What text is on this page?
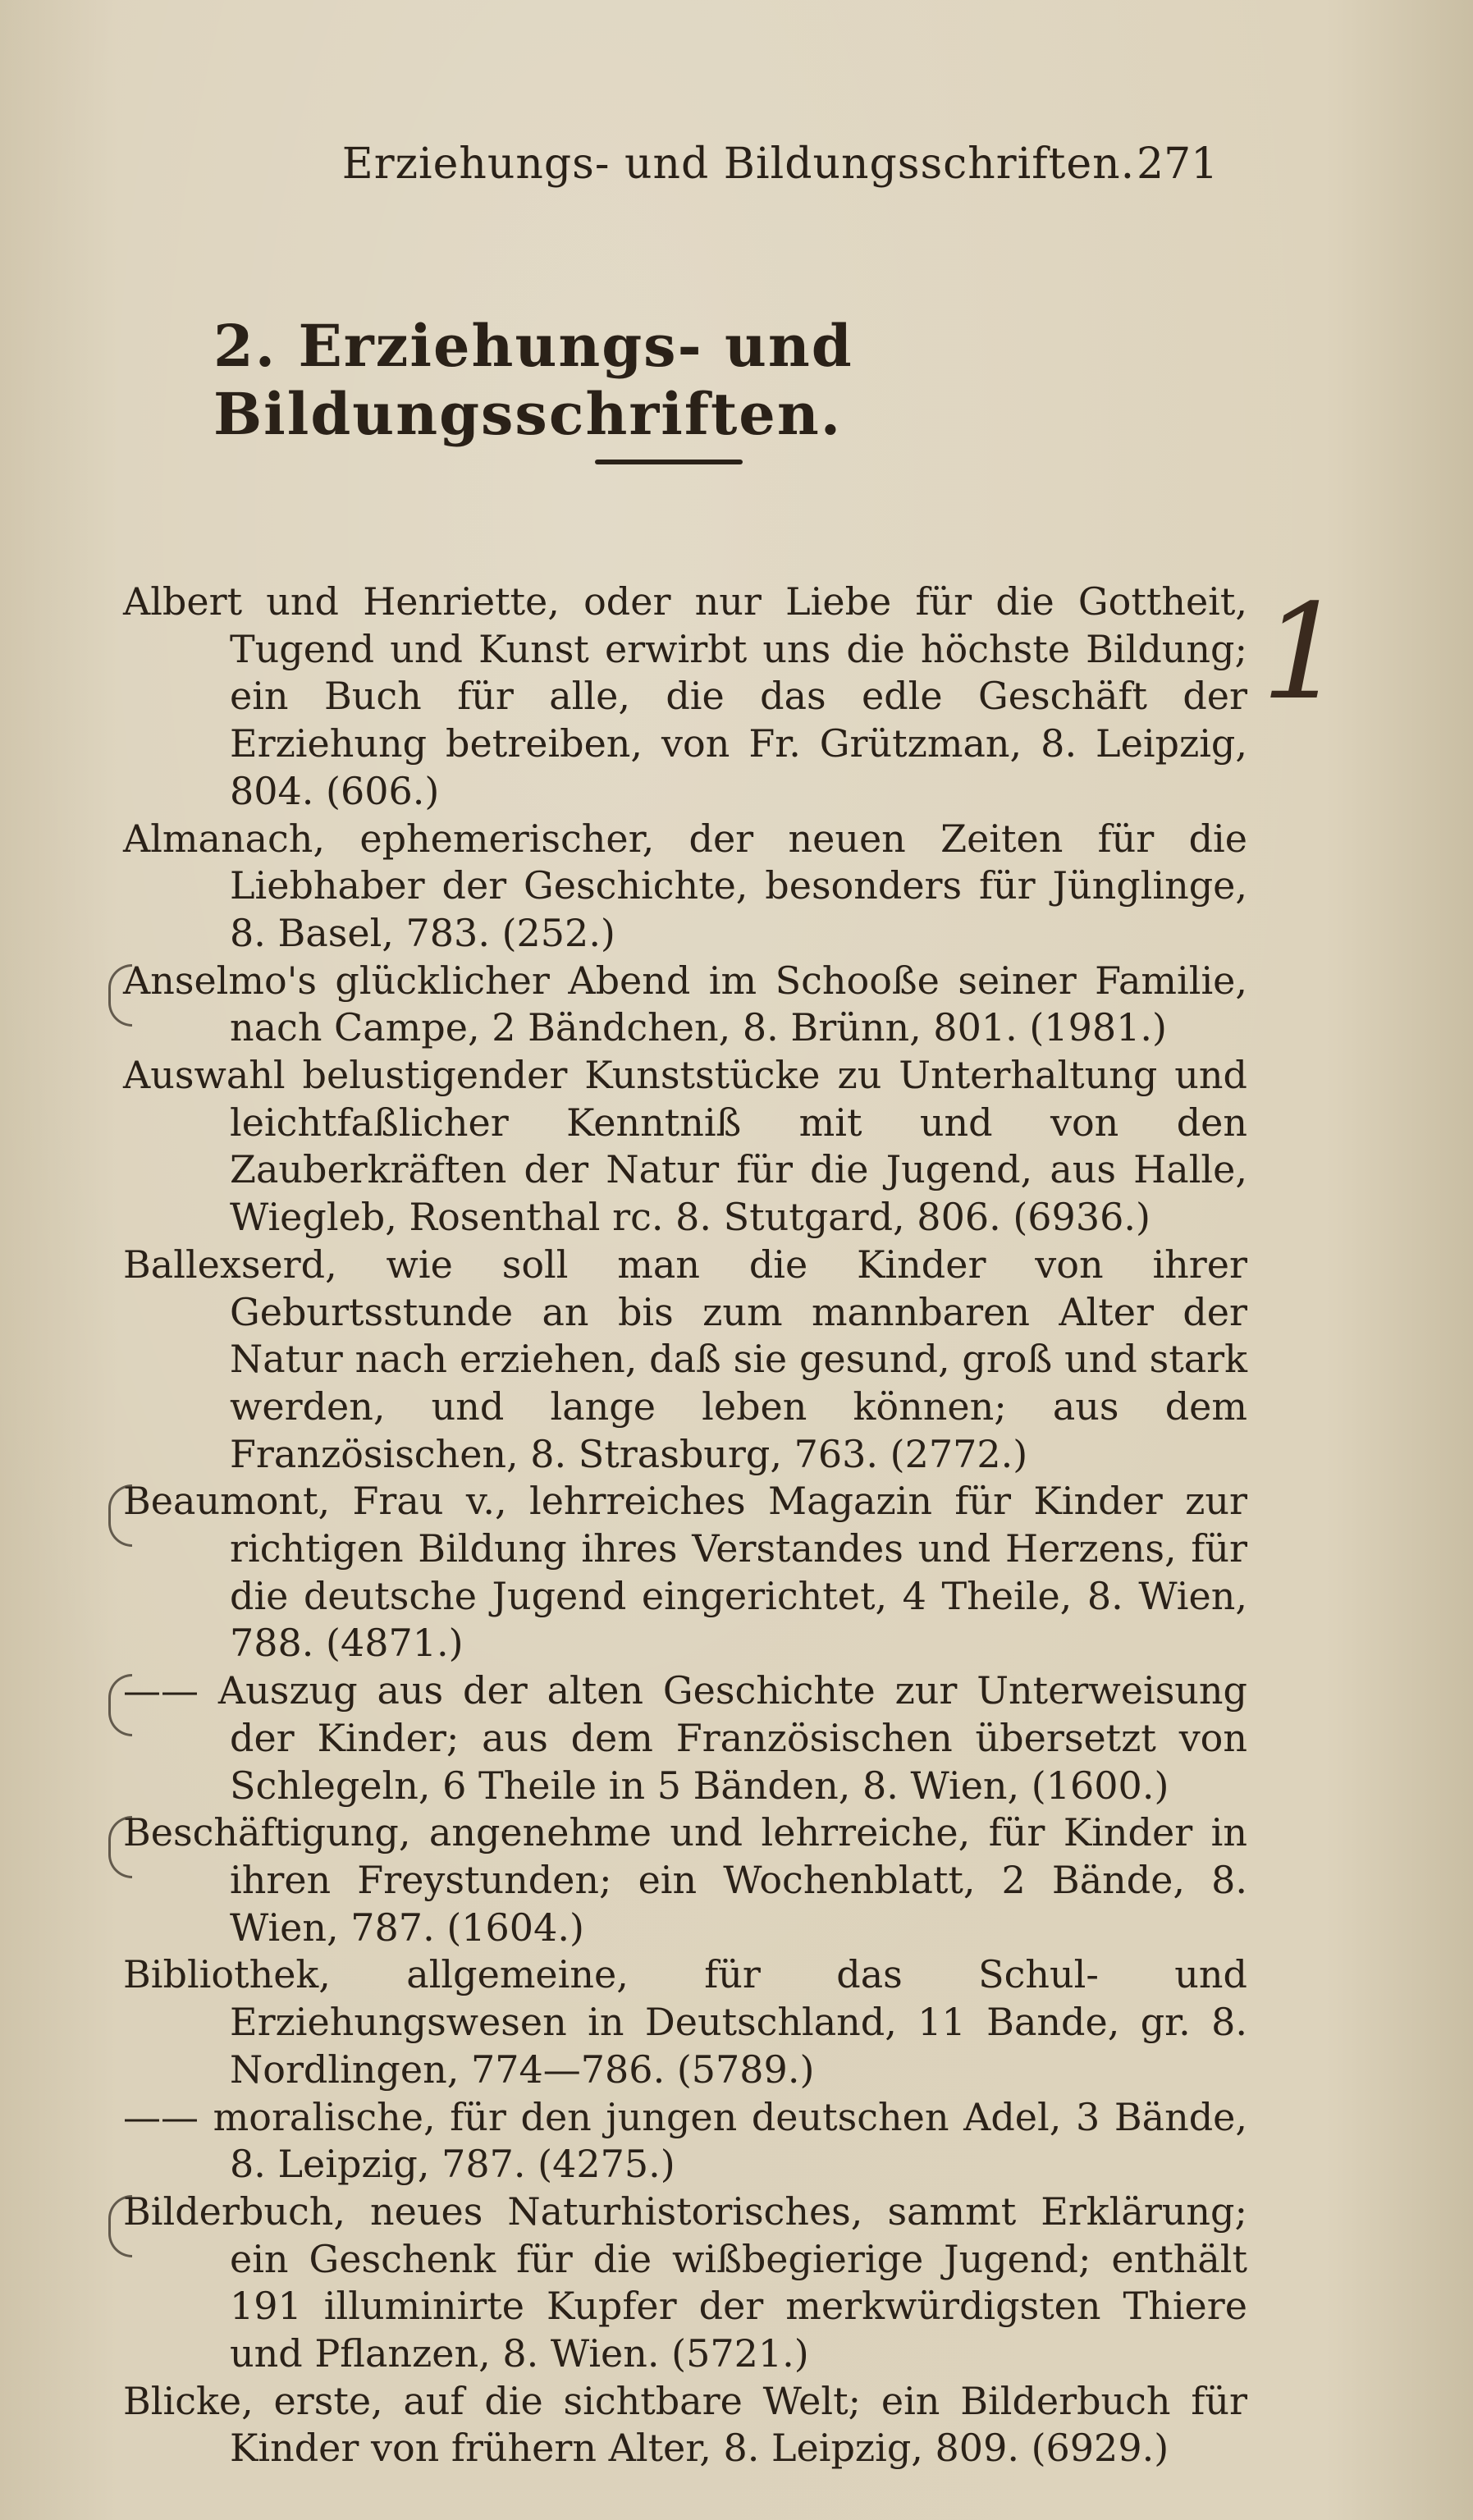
Erziehungs- und Bildungsschriften. 271
2. Erziehungs- und Bildungsschriften.
1

Albert und Henriette, oder nur Liebe für die Gottheit, Tugend und Kunst erwirbt uns die höchste Bildung; ein Buch für alle, die das edle Geschäft der Erziehung betreiben, von Fr. Grützman, 8. Leipzig, 804. (606.)

Almanach, ephemerischer, der neuen Zeiten für die Liebhaber der Geschichte, besonders für Jünglinge, 8. Basel, 783. (252.)

Anselmo's glücklicher Abend im Schooße seiner Familie, nach Campe, 2 Bändchen, 8. Brünn, 801. (1981.)

Auswahl belustigender Kunststücke zu Unterhaltung und leichtfaßlicher Kenntniß mit und von den Zauberkräften der Natur für die Jugend, aus Halle, Wiegleb, Rosenthal rc. 8. Stutgard, 806. (6936.)

Ballexserd, wie soll man die Kinder von ihrer Geburtsstunde an bis zum mannbaren Alter der Natur nach erziehen, daß sie gesund, groß und stark werden, und lange leben können; aus dem Französischen, 8. Strasburg, 763. (2772.)

Beaumont, Frau v., lehrreiches Magazin für Kinder zur richtigen Bildung ihres Verstandes und Herzens, für die deutsche Jugend eingerichtet, 4 Theile, 8. Wien, 788. (4871.)

—— Auszug aus der alten Geschichte zur Unterweisung der Kinder; aus dem Französischen übersetzt von Schlegeln, 6 Theile in 5 Bänden, 8. Wien, (1600.)

Beschäftigung, angenehme und lehrreiche, für Kinder in ihren Freystunden; ein Wochenblatt, 2 Bände, 8. Wien, 787. (1604.)

Bibliothek, allgemeine, für das Schul- und Erziehungswesen in Deutschland, 11 Bande, gr. 8. Nordlingen, 774—786. (5789.)

—— moralische, für den jungen deutschen Adel, 3 Bände, 8. Leipzig, 787. (4275.)

Bilderbuch, neues Naturhistorisches, sammt Erklärung; ein Geschenk für die wißbegierige Jugend; enthält 191 illuminirte Kupfer der merkwürdigsten Thiere und Pflanzen, 8. Wien. (5721.)

Blicke, erste, auf die sichtbare Welt; ein Bilderbuch für Kinder von frühern Alter, 8. Leipzig, 809. (6929.)
